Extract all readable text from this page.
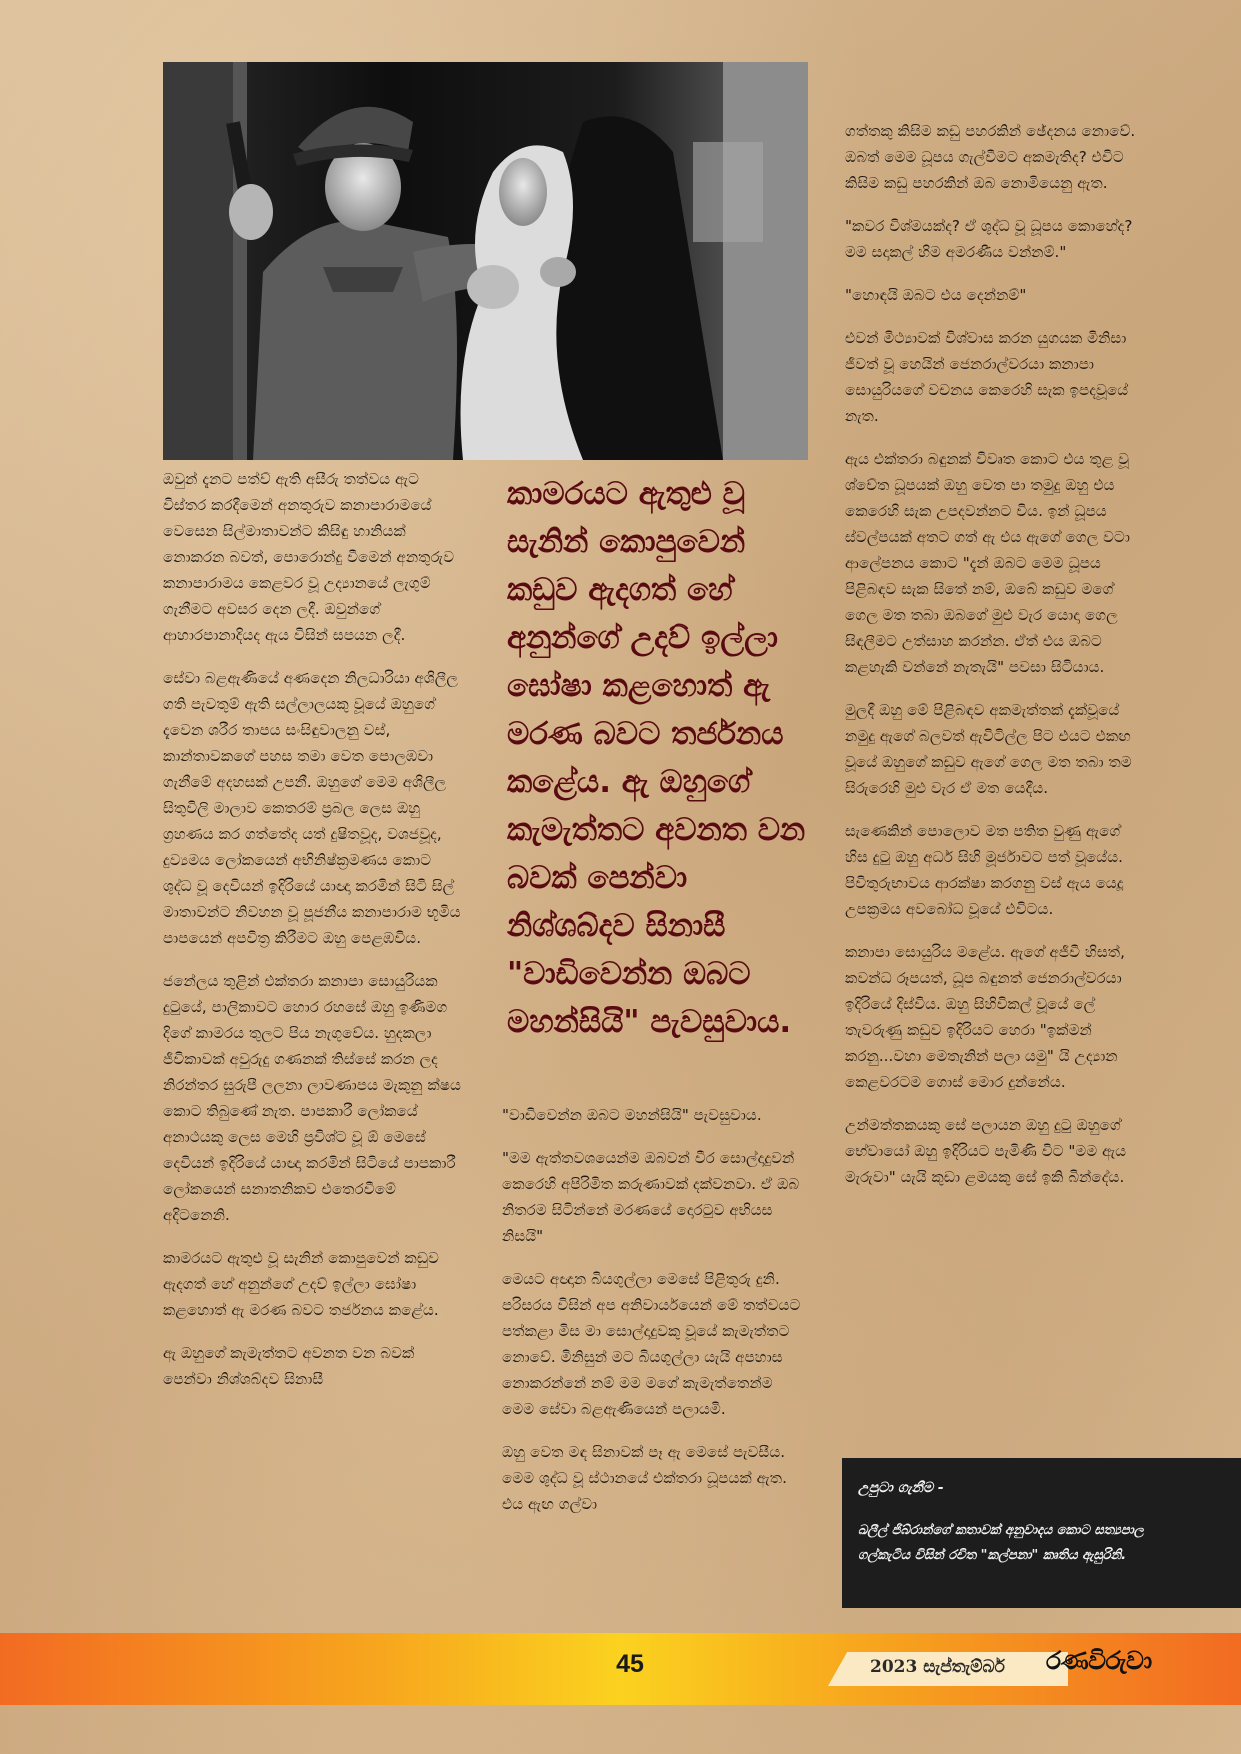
ඔවුන් දැනට පත්ව් ඇති අසීරු තත්වය ඇට විස්තර කරදීමෙන් අනතුරුව කනාපාරාමයේ වෙසෙන සිල්මාතාවන්ට කිසිඳු හානියක් නොකරන බවත්, පොරොන්දු වීමෙන් අනතුරුව කනාපාරාමය කෙළවර වූ උද්‍යානයේ ලැගුම් ගැනීමට අවසර දෙන ලදී. ඔවුන්ගේ ආහාරපානාදියද ඇය විසින් සපයන ලදී.

සේවා බළඇණියේ අණදෙන නිලධාරියා අශිලීල ගති පැවතුම් ඇති සල්ලාලයකු වූයේ ඔහුගේ දැවෙන ශරීර තාපය සංසිඳුවාලනු වස්, කාන්තාවකගේ පහස තමා වෙත පොලඹවා ගැනීමේ අදහසක් උපනී. ඔහුගේ මෙම අශිලීල සිතුවිලි මාලාව කෙතරම් ප්‍රබල ලෙස ඔහු ග්‍රහණය කර ගත්තේද යත් දුෂිතවූද, වශජවූද, දුව්‍යමය ලෝකයෙන් අභිනිෂ්ක්‍රමණය කොට ශුද්ධ වූ දෙවියන් ඉදිරියේ යාඥා කරමින් සිටි සිල් මාතාවන්ට නිවහන වූ පූජනීය කනාපාරාම භූමිය පාපයෙන් අපවිත්‍ර කිරීමට ඔහු පෙළඹවිය.

ජනේලය තුළින් එක්තරා කනාපා සොයුරියක දුටුයේ, පාලිකාවට හොර රහසේ ඔහු ඉණිමග දිගේ කාමරය තුලට පිය නැගුවේය. හුදකලා ජීවිකාවක් අවුරුදු ගණනක් තිස්සේ කරන ලද නිරන්තර සුරුපී ලලනා ලාවණාපය මැකුනු ක්ෂය කොට තිබුණේ නැත. පාපකාරී ලෝකයේ අනාථයකු ලෙස මෙහි ප්‍රවිශ්ට වූ ඕ මෙසේ දෙවියන් ඉදිරියේ යාඥා කරමින් සිටියේ පාපකාරී ලෝකයෙන් සනාතනිකව එතෙරවීමේ අදිටනෙනි.

කාමරයට ඇතුළු වූ සැනින් කොපුවෙන් කඩුව ඇදගත් හේ අනුන්ගේ උදව් ඉල්ලා ඝෝෂා කළහොත් ඇ මරණ බවට තර්ජනය කළේය.

ඇ ඔහුගේ කැමැත්තට අවනත වන බවක් පෙන්වා නිශ්ශබ්දව සිනාසී

කාමරයට ඇතුළු වූ සැනින් කොපුවෙන් කඩුව ඇදගත් හේ අනුන්ගේ උදව් ඉල්ලා ඝෝෂා කළහොත් ඇ මරණ බවට තර්ජනය කළේය. ඇ ඔහුගේ කැමැත්තට අවනත වන බවක් පෙන්වා නිශ්ශබ්දව සිනාසී "වාඩිවෙන්න ඔබට මහන්සියි" පැවසුවාය.

"වාඩිවෙන්න ඔබට මහන්සියි" පැවසුවාය.

"මම ඇත්තවශයෙන්ම ඔබවන් වීර සොල්දාදුවන් කෙරෙහි අපිරිමිත කරුණාවක් දක්වනවා. ඒ ඔබ නිතරම සිටින්නේ මරණයේ දොරටුව අභියස නිසයි"

මෙයට අඥාන බියගුල්ලා මෙසේ පිළිතුරු දුනි. පරිසරය විසින් අප අනිවාර්යයෙන් මේ තත්වයට පත්කළා මිස මා සොල්දාදුවකු වූයේ කැමැත්තට නොවේ. මිනිසුන් මට බියගුල්ලා යැයි අපහාස නොකරන්නේ නම් මම මගේ කැමැත්තෙන්ම මෙම සේවා බළඇණියෙන් පලායමි.

ඔහු වෙත මඳ සිනාවක් පෑ ඇ මෙසේ පැවසීය. මෙම ශුද්ධ වූ ස්ථානයේ එක්තරා ධූපයක් ඇත. එය ඇඟ ගල්වා

ගත්තකු කිසිම කඩු පහරකින් ඡේදනය නොවේ. ඔබත් මෙම ධූපය ගැල්වීමට අකමැතිද? එවිට කිසිම කඩු පහරකින් ඔබ නොමියෙනු ඇත.

"කවර විශ්මයක්ද? ඒ ශුද්ධ වූ ධූපය කොහේද? මම සදාකල් හිම අමරණීය වන්නම්."

"හොඳයි ඔබට එය දෙන්නම්"

එවන් මිථ්‍යාවක් විශ්වාස කරන යුගයක මිනිසා ජීවත් වූ හෙයින් ජෙනරාල්වරයා කනාපා සොයුරියගේ වචනය කෙරෙහි සැක ඉපදවූයේ නැත.

ඇය එක්තරා බඳුනක් විවෘත කොට එය තුළ වූ ශ්වේත ධූපයක් ඔහු වෙත පා තමුදු ඔහු එය කෙරෙහි සැක උපදවන්නට විය. ඉන් ධූපය ස්වල්පයක් අතට ගත් ඇ එය ඇගේ ගෙල වටා ආලේපනය කොට "දැන් ඔබට මෙම ධූපය පිළිබඳව සැක සිතේ නම්, ඔබේ කඩුව මගේ ගෙල මත තබා ඔබගේ මුළු වැර යොදා ගෙල සිඳලීමට උත්සාහ කරන්න. ඒත් එය ඔබට කළහැකි වන්නේ නැතැයි" පවසා සිටියාය.

මුලදී ඔහු මේ පිළිබඳව අකමැත්තක් දැක්වූයේ නමුදු ඇගේ බලවත් ඇවිටිල්ල පිට එයට එකඟ වූයේ ඔහුගේ කඩුව ඇගේ ගෙල මත තබා තම සිරුරෙහි මුළු වැර ඒ මත යෙදීය.

සැණෙකින් පොලොව මත පතිත වුණු ඇගේ හිස දුටු ඔහු අර්ධ සිහි මූර්ජාවට පත් වූයේය. පිවිතුරුභාවය ආරක්ෂා කරගනු වස් ඇය යෙදූ උපක්‍රමය අවබෝධ වූයේ එවිටය.

කනාපා සොයුරිය මළේය. ඇගේ අජීවී හිසත්, කවන්ධ රූපයත්, ධූප බඳුනත් ජෙනරාල්වරයා ඉදිරියේ දිස්විය. ඔහු සිහිවිකල් වූයේ ලේ තැවරුණු කඩුව ඉදිරියට හෙරා "ඉක්මන් කරනු...වහා මෙතැනින් පලා යමු" යි උද්‍යාන කෙළවරටම ගොස් මොර දුන්නේය.

උන්මත්තකයකු සේ පලායන ඔහු දුටු ඔහුගේ භේවායෝ ඔහු ඉදිරියට පැමිණි විට "මම ඇය මැරුවා" යැයි කුඩා ළමයකු සේ ඉකි බින්දේය.

උපුටා ගැනීම -

ඛලීල් ජිබ්රාන්ගේ කතාවක් අනුවාදය කොට සත්‍යපාල ගල්කැටිය විසින් රචිත "කල්පනා" කෘතිය ඇසුරිනි.

45	2023 සැප්තැම්බර් රණවිරුවා
